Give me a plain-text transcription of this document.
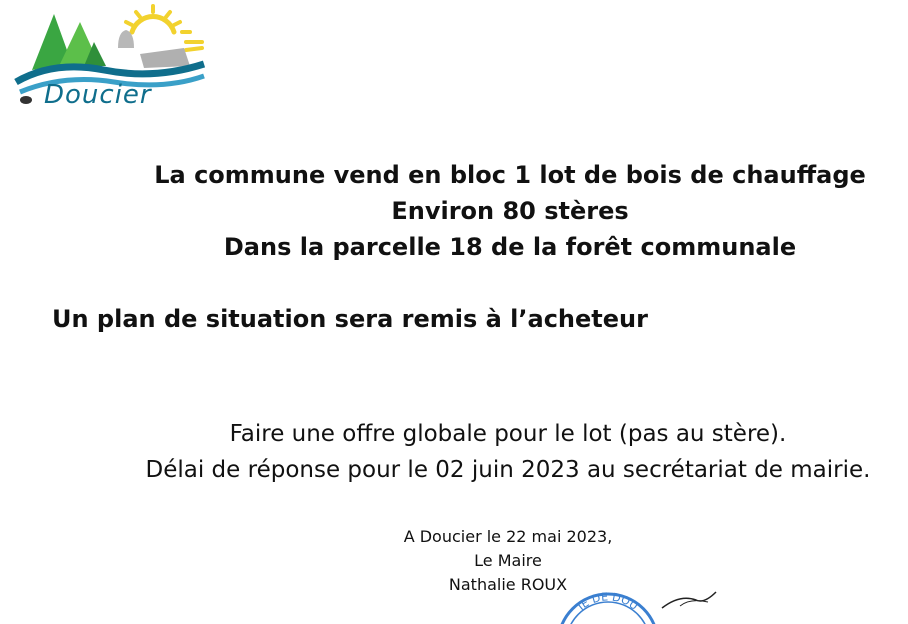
Doucier
La commune vend en bloc 1 lot de bois de chauffage
Environ 80 stères
Dans la parcelle 18 de la forêt communale
Un plan de situation sera remis à l’acheteur
Faire une offre globale pour le lot (pas au stère).
Délai de réponse pour le 02 juin 2023 au secrétariat de mairie.
A Doucier le 22 mai 2023,
Le Maire
Nathalie ROUX
IE DE DOU
